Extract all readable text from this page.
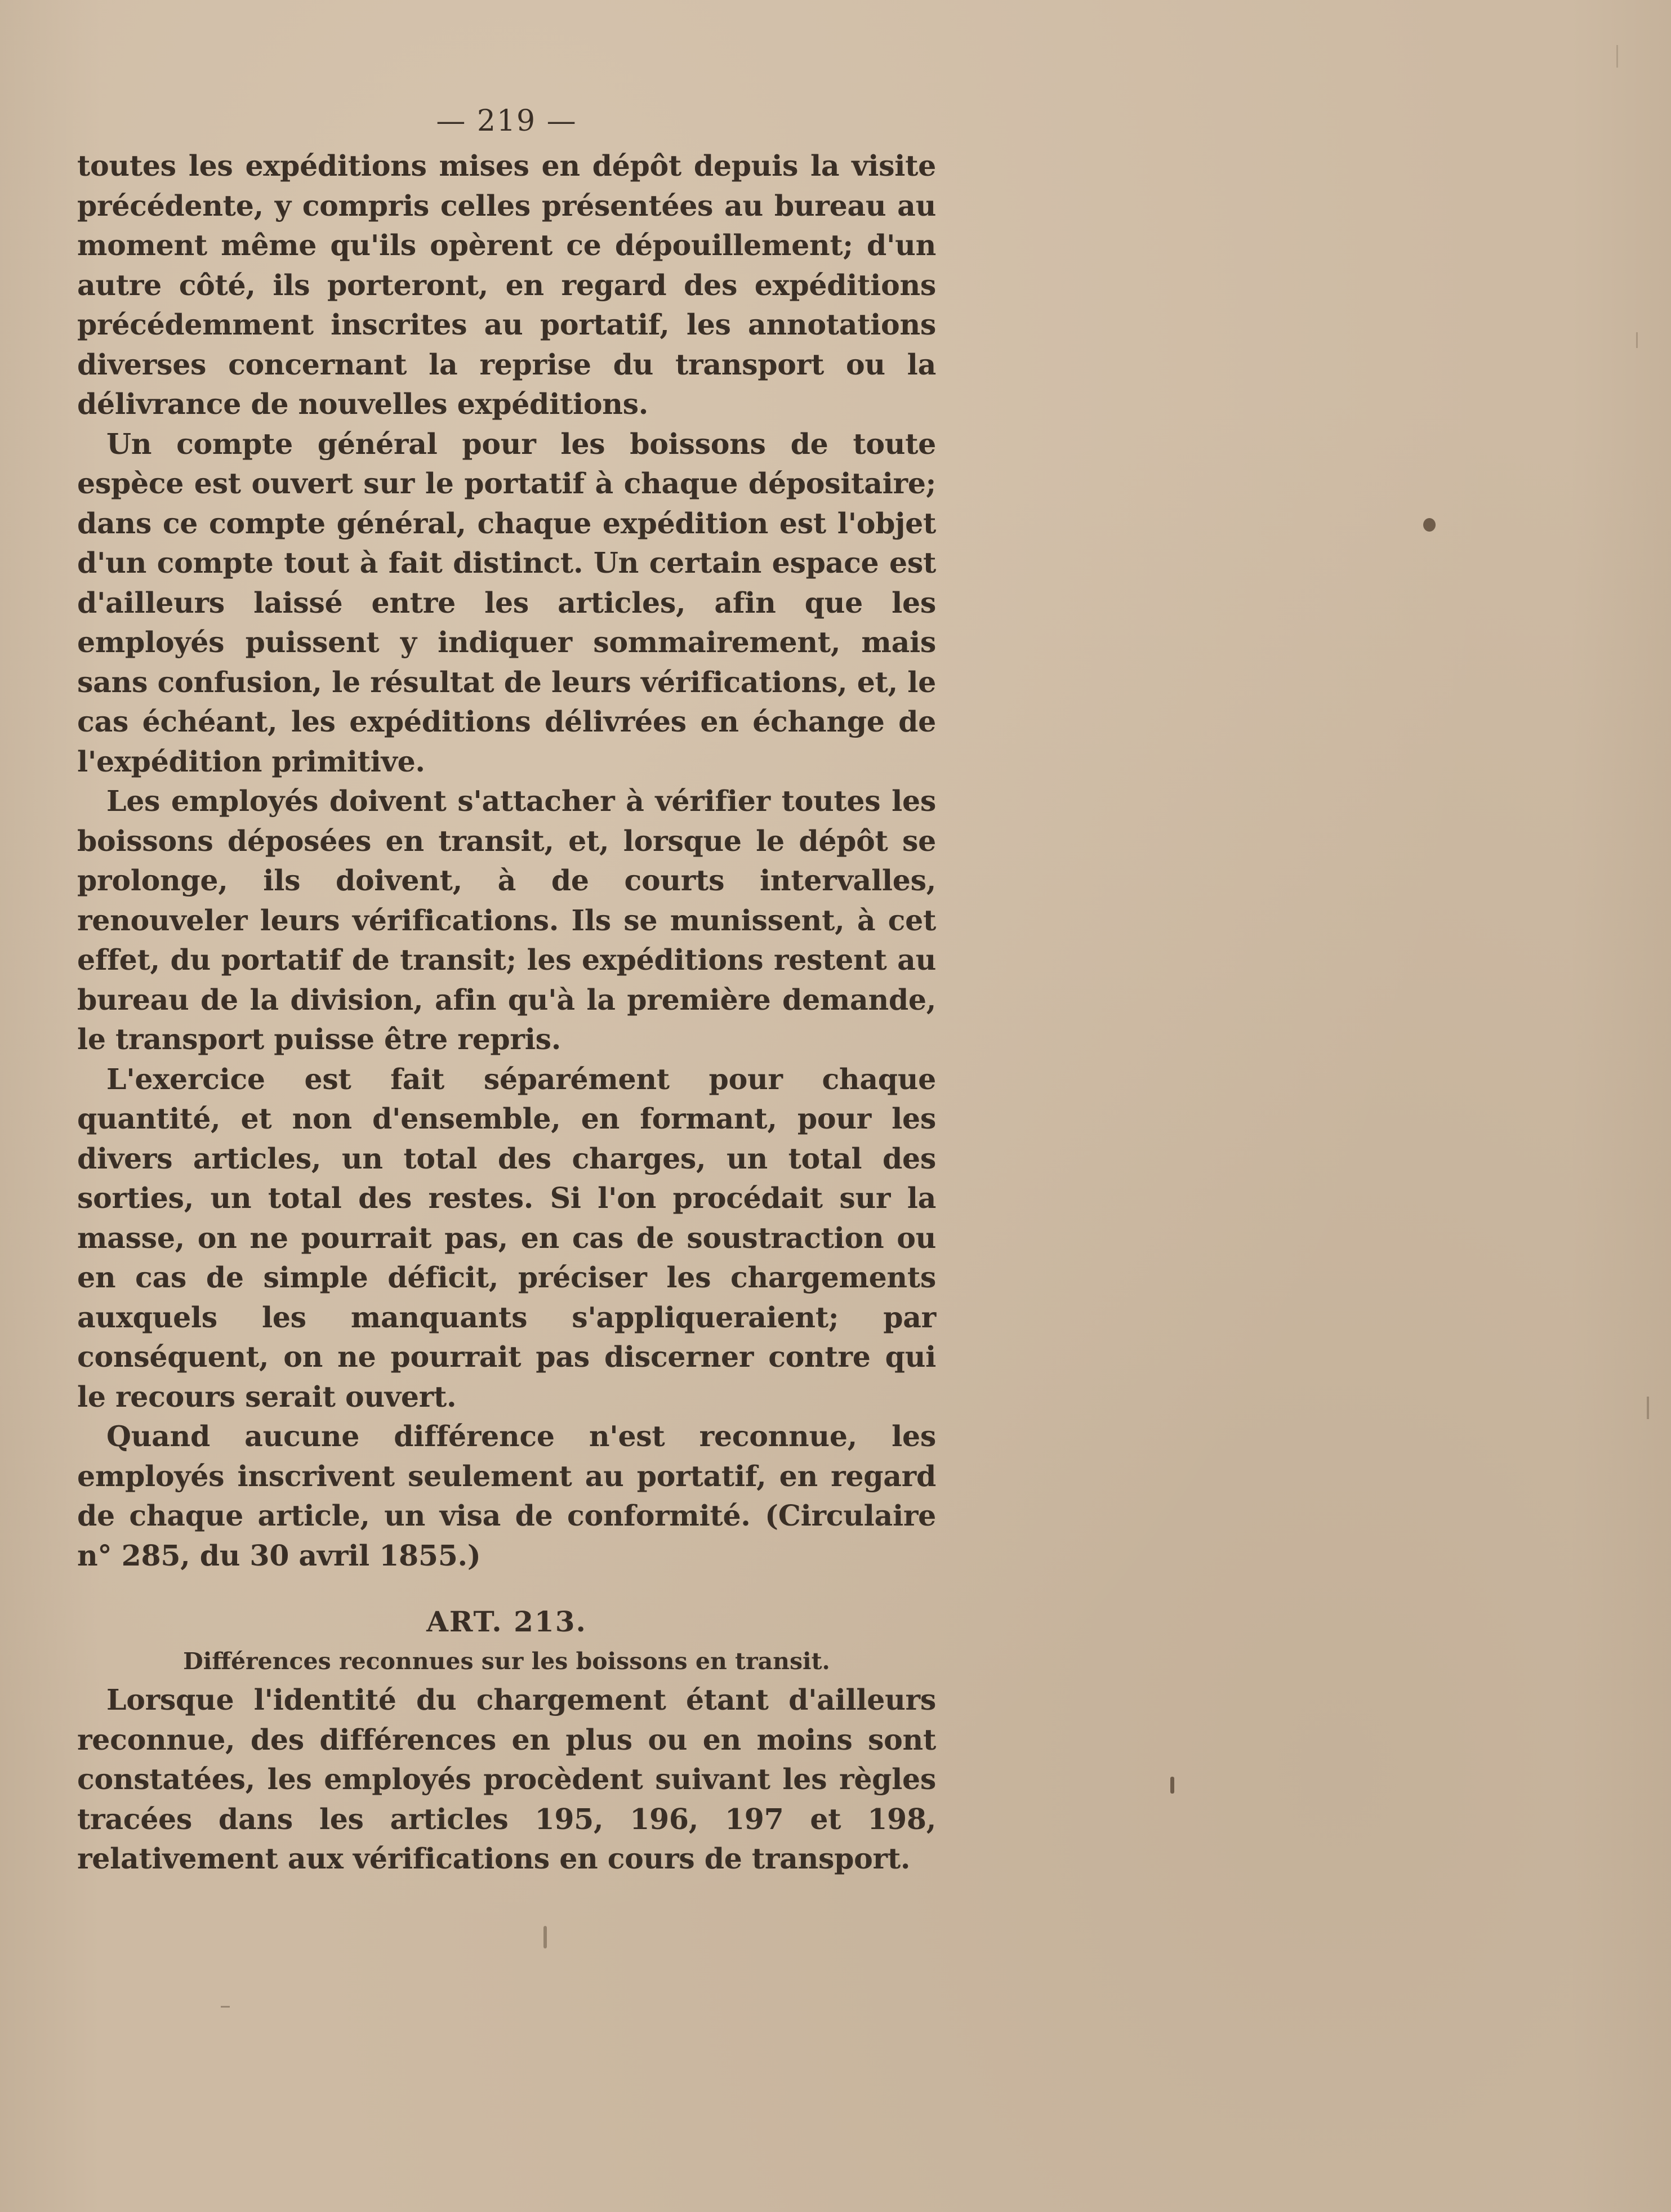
— 219 —

toutes les expéditions mises en dépôt depuis la visite précédente, y compris celles présentées au bureau au moment même qu'ils opèrent ce dépouillement; d'un autre côté, ils porteront, en regard des expéditions précédemment inscrites au portatif, les annotations diverses concernant la reprise du transport ou la délivrance de nouvelles expéditions.

Un compte général pour les boissons de toute espèce est ouvert sur le portatif à chaque dépositaire; dans ce compte général, chaque expédition est l'objet d'un compte tout à fait distinct. Un certain espace est d'ailleurs laissé entre les articles, afin que les employés puissent y indiquer sommairement, mais sans confusion, le résultat de leurs vérifications, et, le cas échéant, les expéditions délivrées en échange de l'expédition primitive.

Les employés doivent s'attacher à vérifier toutes les boissons déposées en transit, et, lorsque le dépôt se prolonge, ils doivent, à de courts intervalles, renouveler leurs vérifications. Ils se munissent, à cet effet, du portatif de transit; les expéditions restent au bureau de la division, afin qu'à la première demande, le transport puisse être repris.

L'exercice est fait séparément pour chaque quantité, et non d'ensemble, en formant, pour les divers articles, un total des charges, un total des sorties, un total des restes. Si l'on procédait sur la masse, on ne pourrait pas, en cas de soustraction ou en cas de simple déficit, préciser les chargements auxquels les manquants s'appliqueraient; par conséquent, on ne pourrait pas discerner contre qui le recours serait ouvert.

Quand aucune différence n'est reconnue, les employés inscrivent seulement au portatif, en regard de chaque article, un visa de conformité. (Circulaire n° 285, du 30 avril 1855.)

ART. 213.

Différences reconnues sur les boissons en transit.

Lorsque l'identité du chargement étant d'ailleurs reconnue, des différences en plus ou en moins sont constatées, les employés procèdent suivant les règles tracées dans les articles 195, 196, 197 et 198, relativement aux vérifications en cours de transport.
